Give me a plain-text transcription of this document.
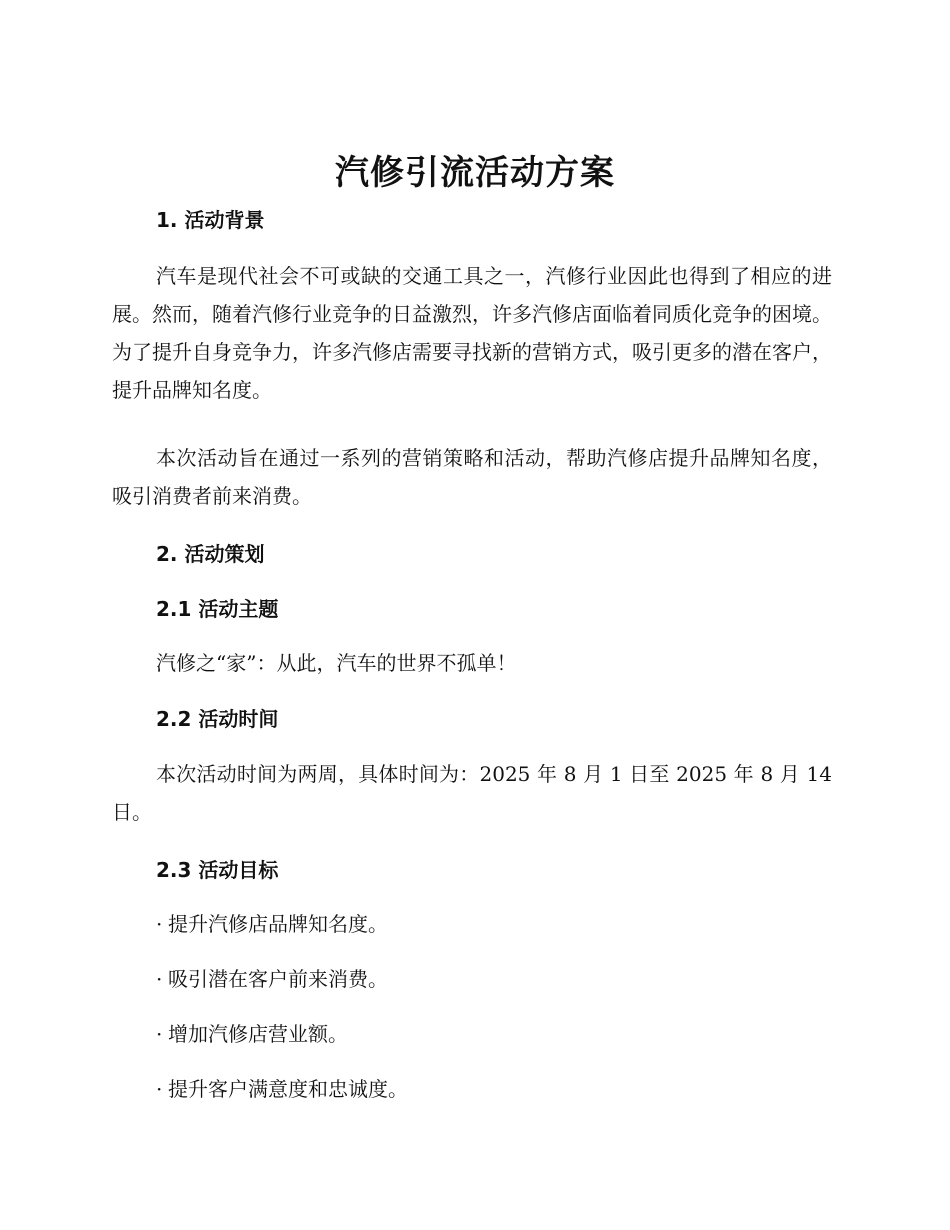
汽修引流活动方案
1. 活动背景
汽车是现代社会不可或缺的交通工具之一，汽修行业因此也得到了相应的进展。然而，随着汽修行业竞争的日益激烈，许多汽修店面临着同质化竞争的困境。为了提升自身竞争力，许多汽修店需要寻找新的营销方式，吸引更多的潜在客户，提升品牌知名度。
本次活动旨在通过一系列的营销策略和活动，帮助汽修店提升品牌知名度，吸引消费者前来消费。
2. 活动策划
2.1 活动主题
汽修之“家”：从此，汽车的世界不孤单！
2.2 活动时间
本次活动时间为两周，具体时间为：2025 年 8 月 1 日至 2025 年 8 月 14 日。
2.3 活动目标
· 提升汽修店品牌知名度。
· 吸引潜在客户前来消费。
· 增加汽修店营业额。
· 提升客户满意度和忠诚度。
